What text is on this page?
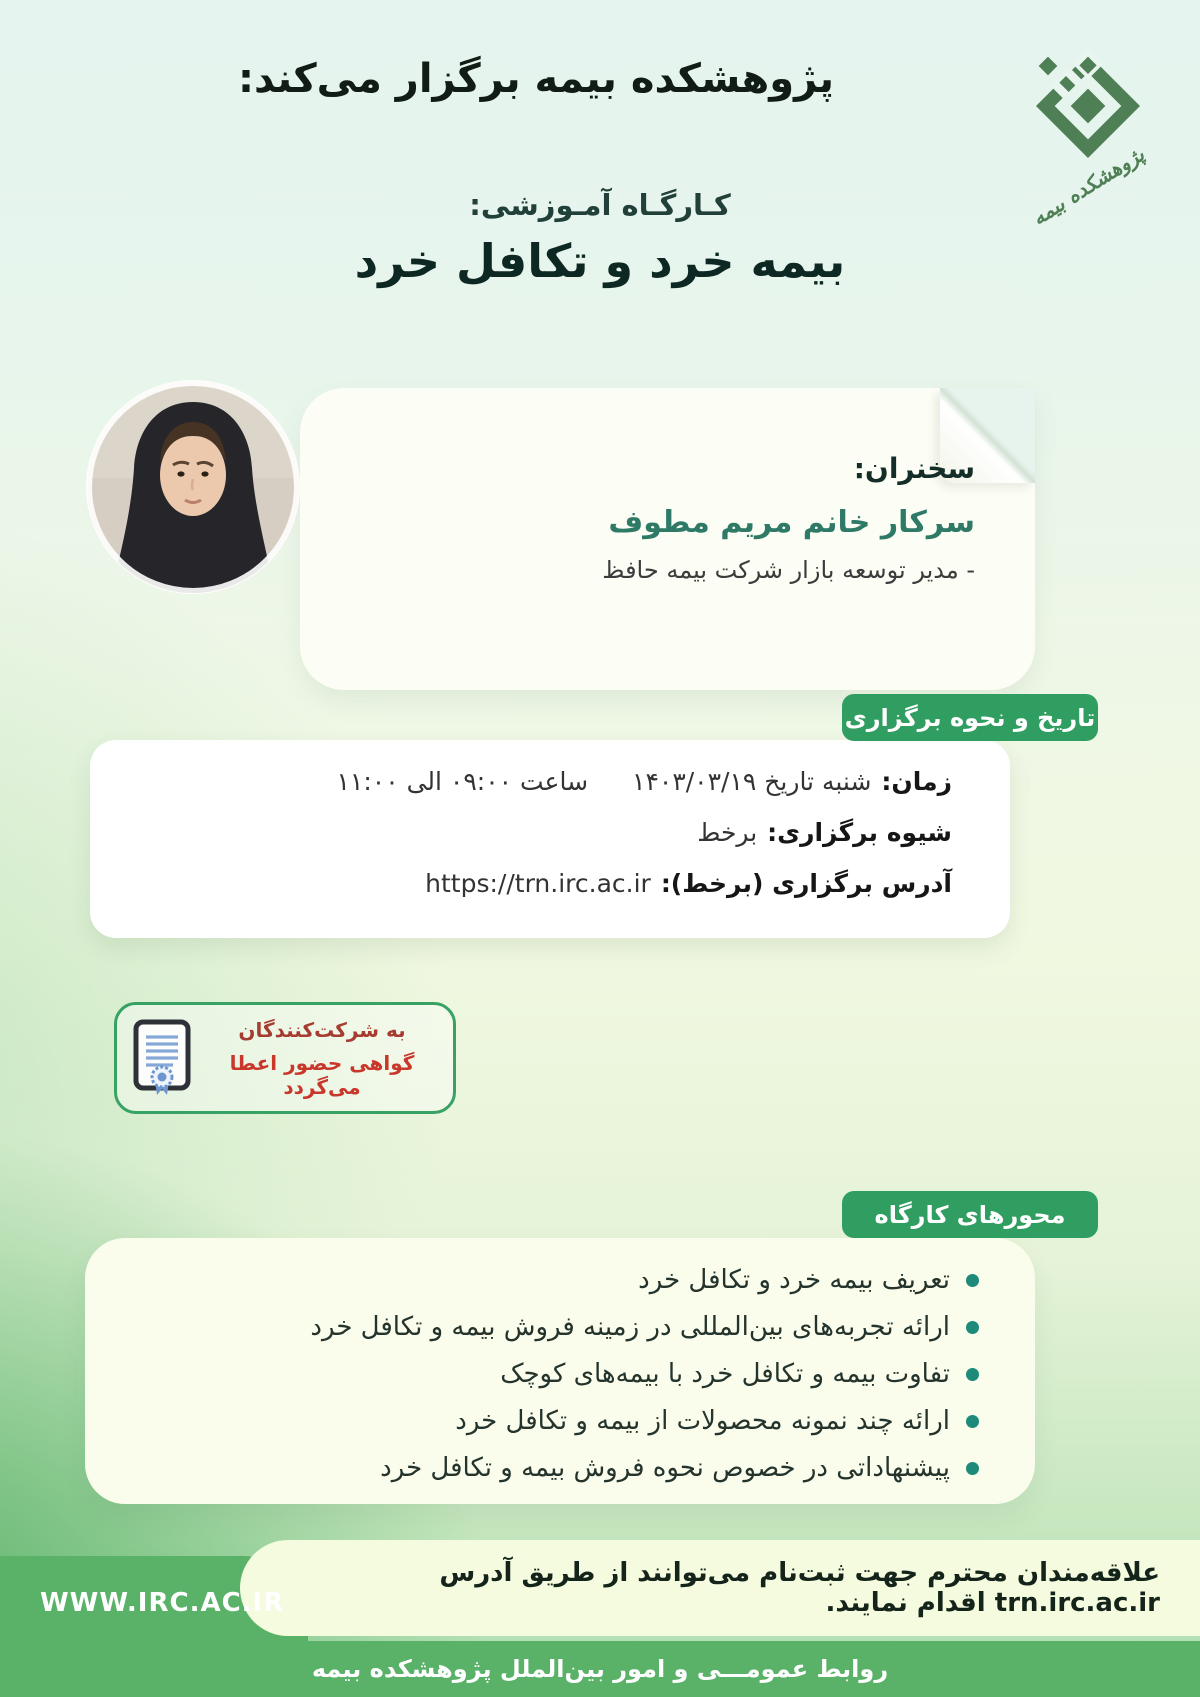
پژوهشکده بیمه برگزار می‌کند:
پژوهشکده بیمه
کـارگـاه آمـوزشی:
بیمه خرد و تکافل خرد
سخنران:
سرکار خانم مریم مطوف
- مدیر توسعه بازار شرکت بیمه حافظ
تاریخ و نحوه برگزاری
زمان:
شنبه تاریخ ۱۴۰۳/۰۳/۱۹
ساعت ۰۹:۰۰ الی ۱۱:۰۰
شیوه برگزاری:
برخط
آدرس برگزاری (برخط):
https://trn.irc.ac.ir
به شرکت‌کنندگان
گواهی حضور اعطا می‌گردد
محورهای کارگاه
تعریف بیمه خرد و تکافل خرد
ارائه تجربه‌های بین‌المللی در زمینه فروش بیمه و تکافل خرد
تفاوت بیمه و تکافل خرد با بیمه‌های کوچک
ارائه چند نمونه محصولات از بیمه و تکافل خرد
پیشنهاداتی در خصوص نحوه فروش بیمه و تکافل خرد
علاقه‌مندان محترم جهت ثبت‌نام می‌توانند از طریق آدرس trn.irc.ac.ir اقدام نمایند.
WWW.IRC.AC.IR
روابط عمومـــی و امور بین‌الملل پژوهشکده بیمه
